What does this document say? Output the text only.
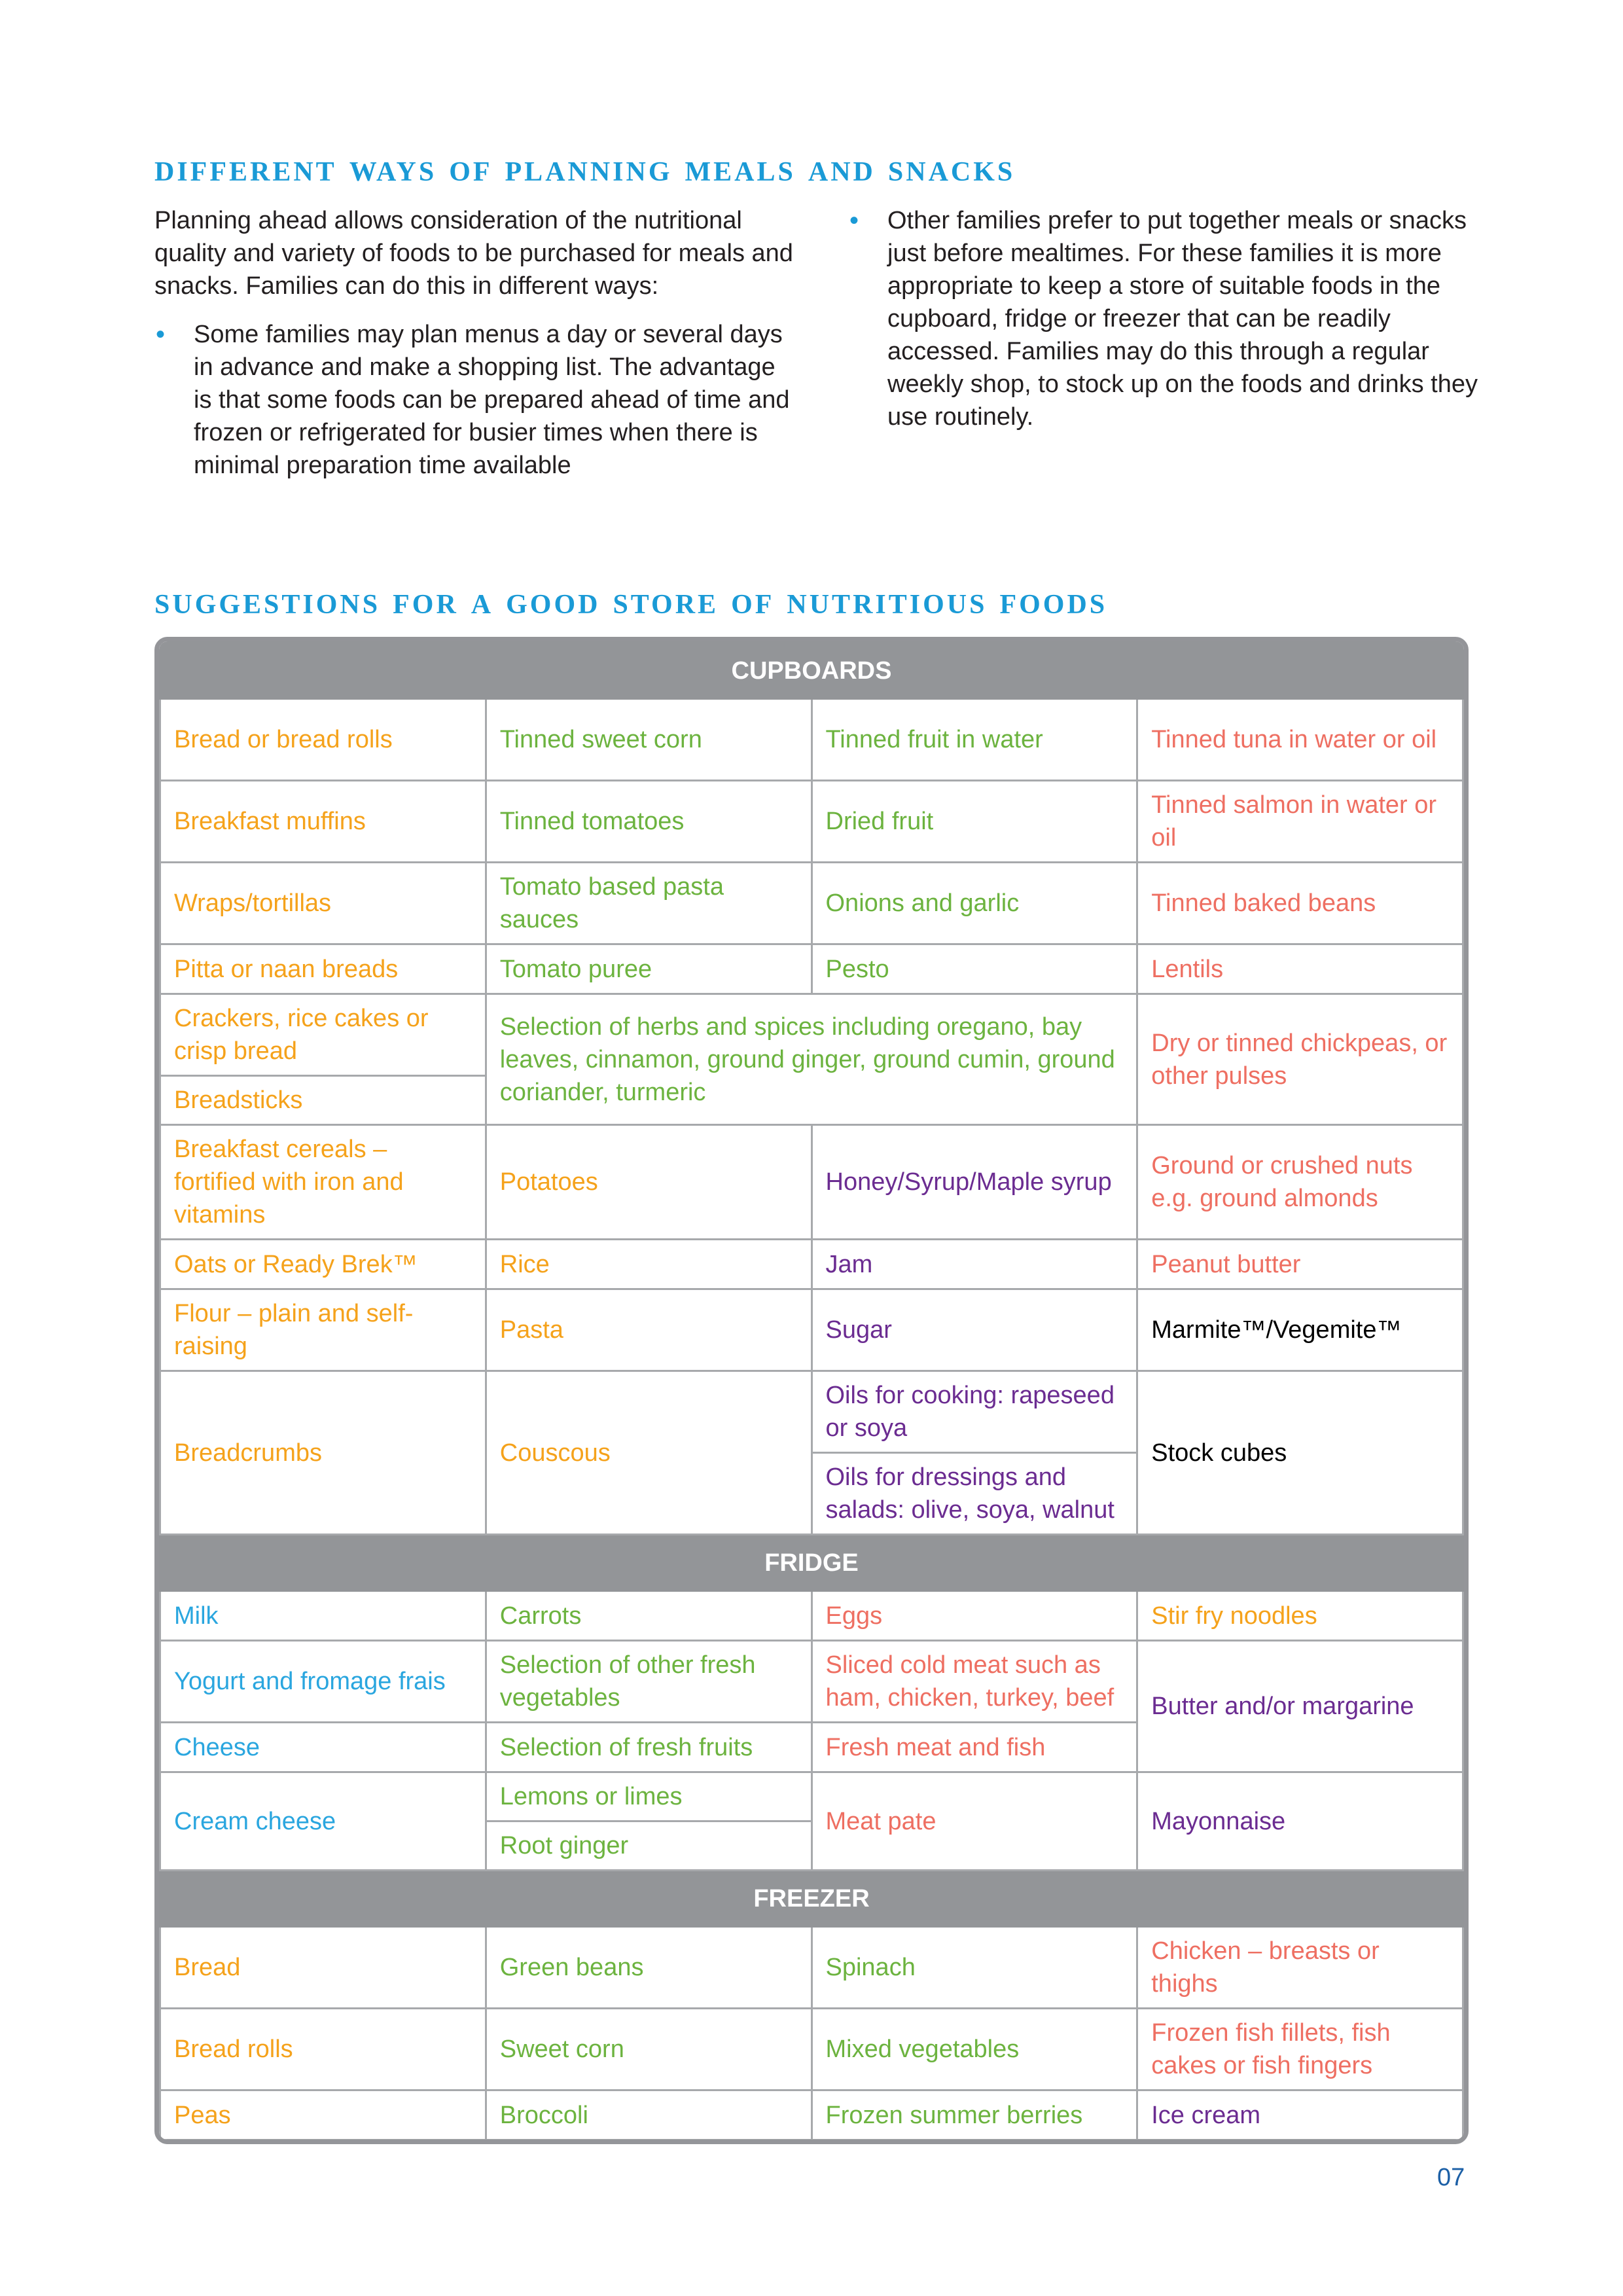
different ways of planning meals and snacks

Planning ahead allows consideration of the nutritional quality and variety of foods to be purchased for meals and snacks. Families can do this in different ways:

• Some families may plan menus a day or several days in advance and make a shopping list. The advantage is that some foods can be prepared ahead of time and frozen or refrigerated for busier times when there is minimal preparation time available
• Other families prefer to put together meals or snacks just before mealtimes. For these families it is more appropriate to keep a store of suitable foods in the cupboard, fridge or freezer that can be readily accessed. Families may do this through a regular weekly shop, to stock up on the foods and drinks they use routinely.
suggestions for a good store of nutritious foods
CUPBOARDS			
Bread or bread rolls	Tinned sweet corn	Tinned fruit in water	Tinned tuna in water or oil
Breakfast muffins	Tinned tomatoes	Dried fruit	Tinned salmon in water or oil
Wraps/tortillas	Tomato based pasta sauces	Onions and garlic	Tinned baked beans
Pitta or naan breads	Tomato puree	Pesto	Lentils
Crackers, rice cakes or crisp bread	Selection of herbs and spices including oregano, bay leaves, cinnamon, ground ginger, ground cumin, ground coriander, turmeric		Dry or tinned chickpeas, or other pulses
Breadsticks			
Breakfast cereals – fortified with iron and vitamins	Potatoes	Honey/Syrup/Maple syrup	Ground or crushed nuts e.g. ground almonds
Oats or Ready Brek™	Rice	Jam	Peanut butter
Flour – plain and self-raising	Pasta	Sugar	Marmite™/Vegemite™
Breadcrumbs	Couscous	Oils for cooking: rapeseed or soya	Stock cubes
		Oils for dressings and salads: olive, soya, walnut	
FRIDGE			
Milk	Carrots	Eggs	Stir fry noodles
Yogurt and fromage frais	Selection of other fresh vegetables	Sliced cold meat such as ham, chicken, turkey, beef	Butter and/or margarine
Cheese	Selection of fresh fruits	Fresh meat and fish	
Cream cheese	Lemons or limes	Meat pate	Mayonnaise
	Root ginger		
FREEZER			
Bread	Green beans	Spinach	Chicken – breasts or thighs
Bread rolls	Sweet corn	Mixed vegetables	Frozen fish fillets, fish cakes or fish fingers
Peas	Broccoli	Frozen summer berries	Ice cream
07
